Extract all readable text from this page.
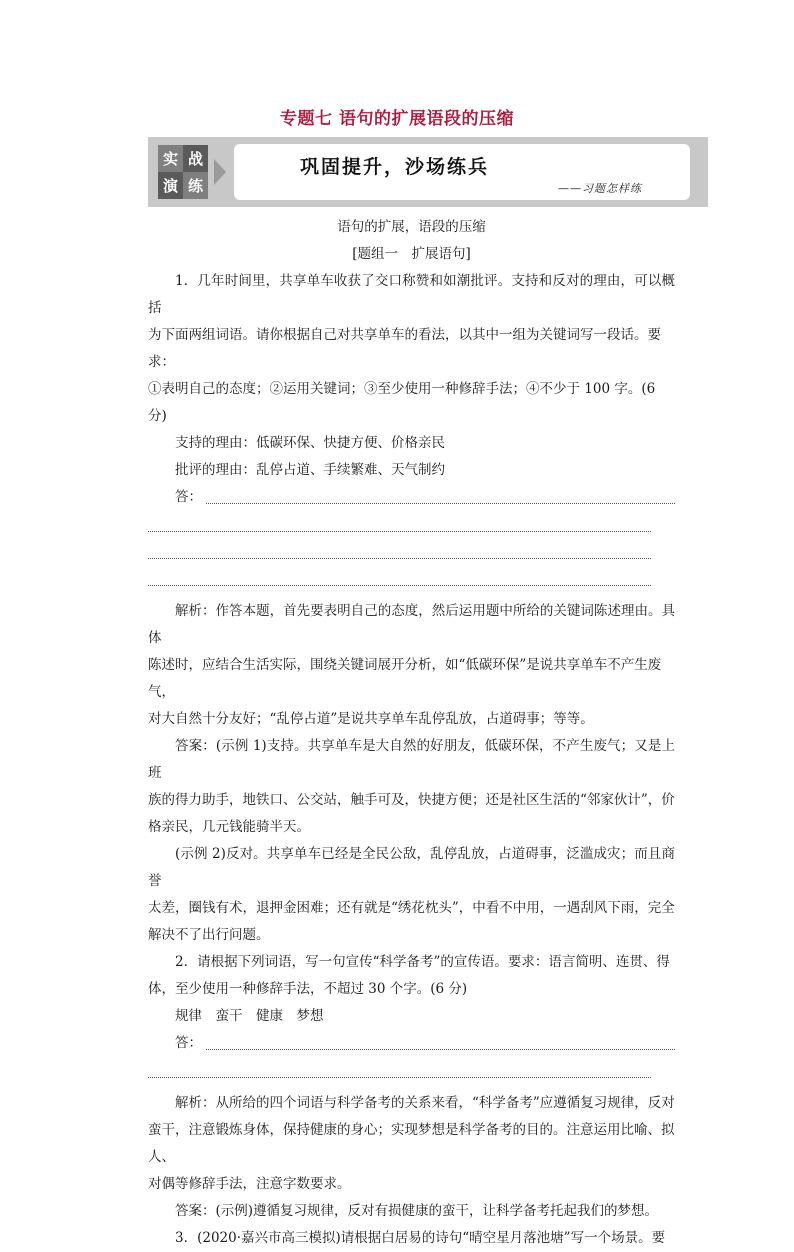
专题七 语句的扩展语段的压缩
实 战
演 练
巩固提升，沙场练兵
——习题怎样练
语句的扩展，语段的压缩
[题组一　扩展语句]

1．几年时间里，共享单车收获了交口称赞和如潮批评。支持和反对的理由，可以概括

为下面两组词语。请你根据自己对共享单车的看法，以其中一组为关键词写一段话。要求：

①表明自己的态度；②运用关键词；③至少使用一种修辞手法；④不少于 100 字。(6 分)

支持的理由：低碳环保、快捷方便、价格亲民

批评的理由：乱停占道、手续繁难、天气制约

答：

解析：作答本题，首先要表明自己的态度，然后运用题中所给的关键词陈述理由。具体

陈述时，应结合生活实际，围绕关键词展开分析，如“低碳环保”是说共享单车不产生废气，

对大自然十分友好；“乱停占道”是说共享单车乱停乱放，占道碍事；等等。

答案：(示例 1)支持。共享单车是大自然的好朋友，低碳环保，不产生废气；又是上班

族的得力助手，地铁口、公交站，触手可及，快捷方便；还是社区生活的“邻家伙计”，价

格亲民，几元钱能骑半天。

(示例 2)反对。共享单车已经是全民公敌，乱停乱放，占道碍事，泛滥成灾；而且商誉

太差，圈钱有术，退押金困难；还有就是“绣花枕头”，中看不中用，一遇刮风下雨，完全

解决不了出行问题。

2．请根据下列词语，写一句宣传“科学备考”的宣传语。要求：语言简明、连贯、得

体，至少使用一种修辞手法，不超过 30 个字。(6 分)

规律　蛮干　健康　梦想

答：

解析：从所给的四个词语与科学备考的关系来看，“科学备考”应遵循复习规律，反对

蛮干，注意锻炼身体，保持健康的身心；实现梦想是科学备考的目的。注意运用比喻、拟人、

对偶等修辞手法，注意字数要求。

答案：(示例)遵循复习规律，反对有损健康的蛮干，让科学备考托起我们的梦想。

3．(2020·嘉兴市高三模拟)请根据白居易的诗句“晴空星月落池塘”写一个场景。要
